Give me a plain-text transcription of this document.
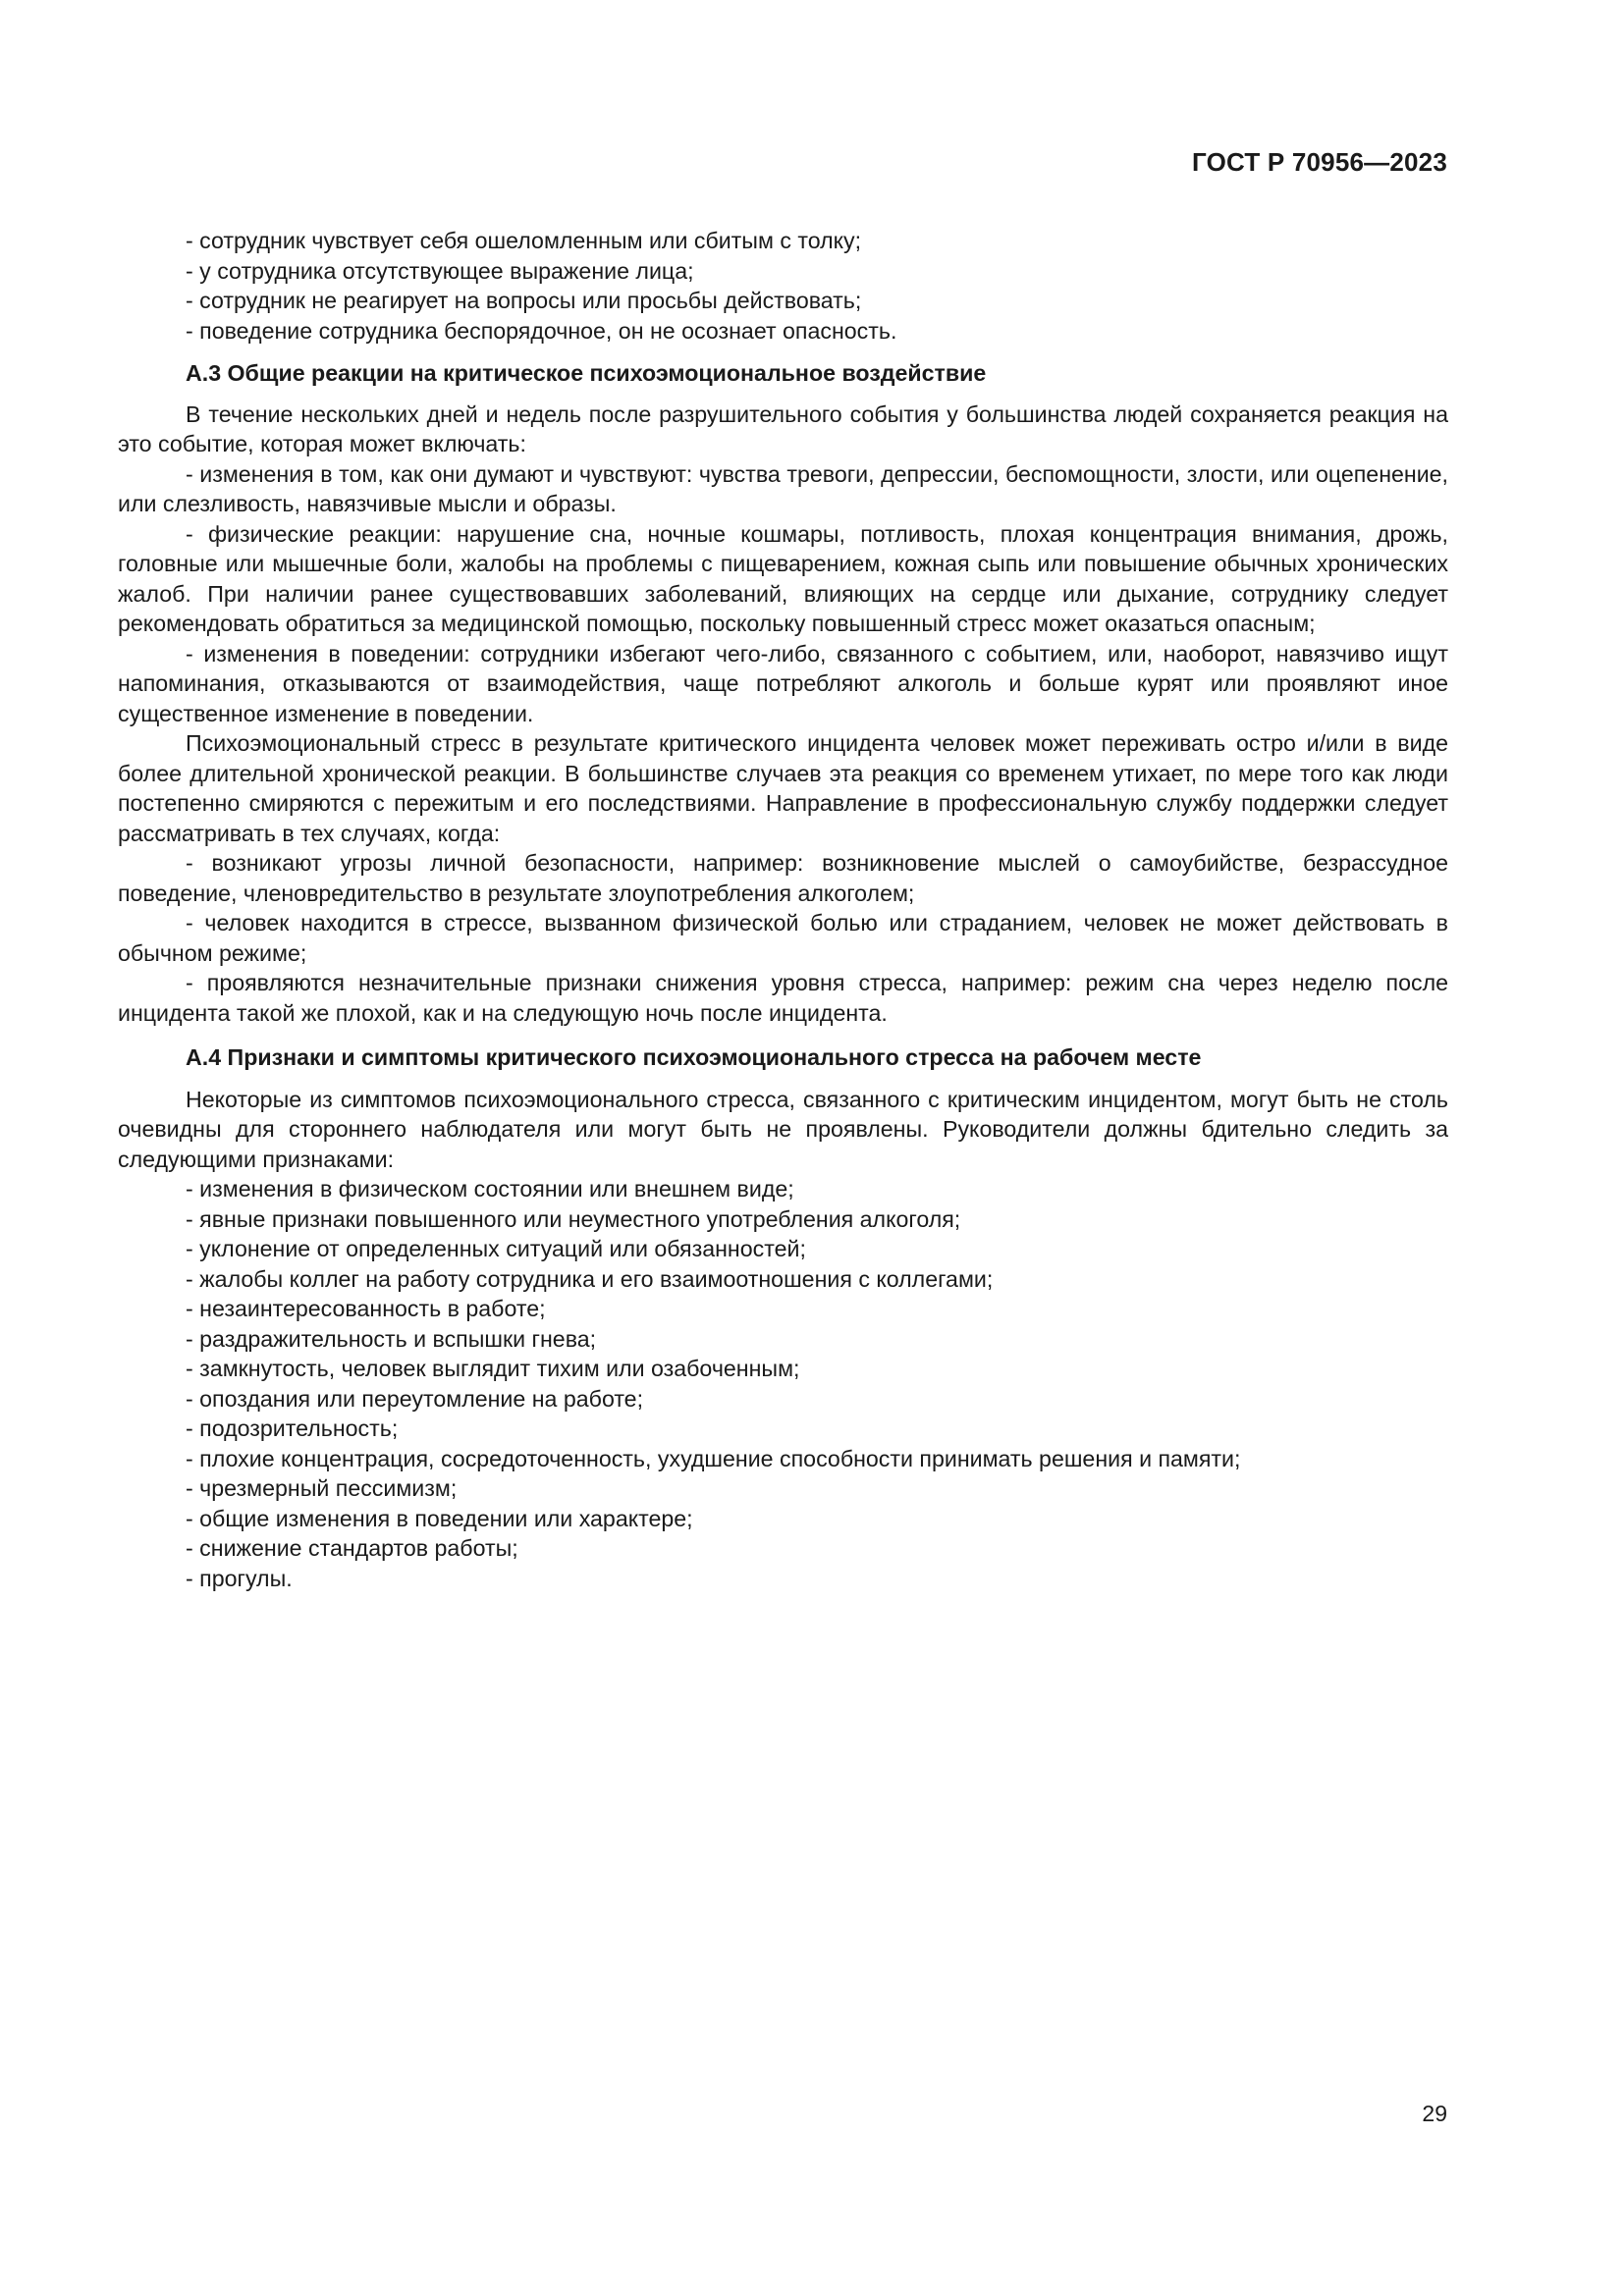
ГОСТ Р 70956—2023

- сотрудник чувствует себя ошеломленным или сбитым с толку;

- у сотрудника отсутствующее выражение лица;

- сотрудник не реагирует на вопросы или просьбы действовать;

- поведение сотрудника беспорядочное, он не осознает опасность.

А.3 Общие реакции на критическое психоэмоциональное воздействие

В течение нескольких дней и недель после разрушительного события у большинства людей сохраняется реакция на это событие, которая может включать:

- изменения в том, как они думают и чувствуют: чувства тревоги, депрессии, беспомощности, злости, или оцепенение, или слезливость, навязчивые мысли и образы.

- физические реакции: нарушение сна, ночные кошмары, потливость, плохая концентрация внимания, дрожь, головные или мышечные боли, жалобы на проблемы с пищеварением, кожная сыпь или повышение обычных хронических жалоб. При наличии ранее существовавших заболеваний, влияющих на сердце или дыхание, сотруднику следует рекомендовать обратиться за медицинской помощью, поскольку повышенный стресс может оказаться опасным;

- изменения в поведении: сотрудники избегают чего-либо, связанного с событием, или, наоборот, навязчиво ищут напоминания, отказываются от взаимодействия, чаще потребляют алкоголь и больше курят или проявляют иное существенное изменение в поведении.

Психоэмоциональный стресс в результате критического инцидента человек может переживать остро и/или в виде более длительной хронической реакции. В большинстве случаев эта реакция со временем утихает, по мере того как люди постепенно смиряются с пережитым и его последствиями. Направление в профессиональную службу поддержки следует рассматривать в тех случаях, когда:

- возникают угрозы личной безопасности, например: возникновение мыслей о самоубийстве, безрассудное поведение, членовредительство в результате злоупотребления алкоголем;

- человек находится в стрессе, вызванном физической болью или страданием, человек не может действовать в обычном режиме;

- проявляются незначительные признаки снижения уровня стресса, например: режим сна через неделю после инцидента такой же плохой, как и на следующую ночь после инцидента.

А.4 Признаки и симптомы критического психоэмоционального стресса на рабочем месте

Некоторые из симптомов психоэмоционального стресса, связанного с критическим инцидентом, могут быть не столь очевидны для стороннего наблюдателя или могут быть не проявлены. Руководители должны бдительно следить за следующими признаками:

- изменения в физическом состоянии или внешнем виде;

- явные признаки повышенного или неуместного употребления алкоголя;

- уклонение от определенных ситуаций или обязанностей;

- жалобы коллег на работу сотрудника и его взаимоотношения с коллегами;

- незаинтересованность в работе;

- раздражительность и вспышки гнева;

- замкнутость, человек выглядит тихим или озабоченным;

- опоздания или переутомление на работе;

- подозрительность;

- плохие концентрация, сосредоточенность, ухудшение способности принимать решения и памяти;

- чрезмерный пессимизм;

- общие изменения в поведении или характере;

- снижение стандартов работы;

- прогулы.

29
